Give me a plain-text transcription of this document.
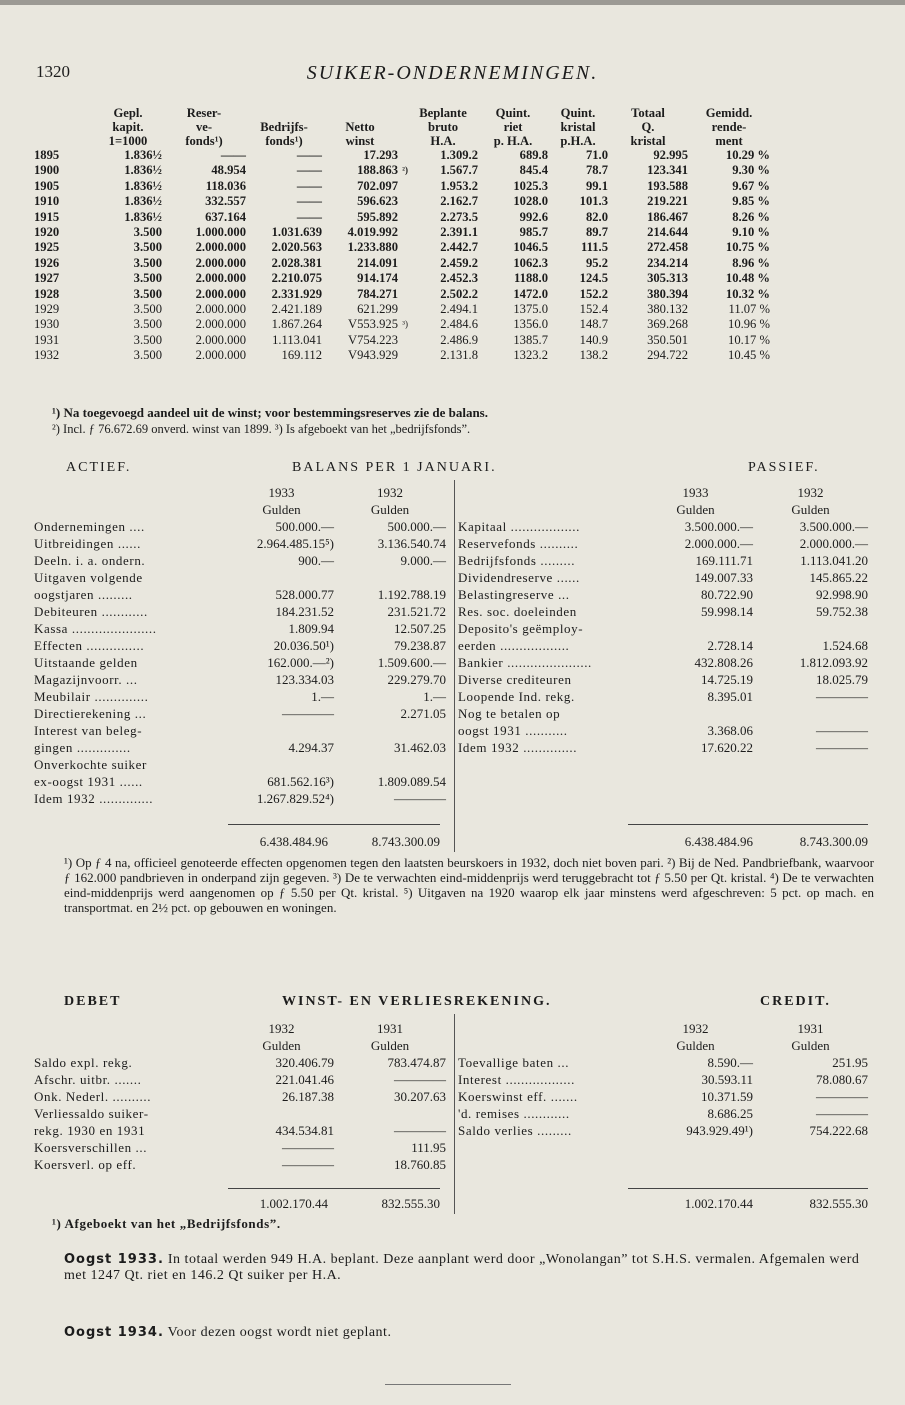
1320	SUIKER-ONDERNEMINGEN.
	Gepl.
kapit.
1=1000	Reser-
ve-
fonds¹)	Bedrijfs-
fonds¹)	Netto
winst		Beplante
bruto
H.A.	Quint.
riet
p. H.A.	Quint.
kristal
p.H.A.	Totaal
Q.
kristal	Gemidd.
rende-
ment
1895	1.836½	——	——	17.293		1.309.2	689.8	71.0	92.995	10.29 %
1900	1.836½	48.954	——	188.863	²)	1.567.7	845.4	78.7	123.341	9.30 %
1905	1.836½	118.036	——	702.097		1.953.2	1025.3	99.1	193.588	9.67 %
1910	1.836½	332.557	——	596.623		2.162.7	1028.0	101.3	219.221	9.85 %
1915	1.836½	637.164	——	595.892		2.273.5	992.6	82.0	186.467	8.26 %
1920	3.500	1.000.000	1.031.639	4.019.992		2.391.1	985.7	89.7	214.644	9.10 %
1925	3.500	2.000.000	2.020.563	1.233.880		2.442.7	1046.5	111.5	272.458	10.75 %
1926	3.500	2.000.000	2.028.381	214.091		2.459.2	1062.3	95.2	234.214	8.96 %
1927	3.500	2.000.000	2.210.075	914.174		2.452.3	1188.0	124.5	305.313	10.48 %
1928	3.500	2.000.000	2.331.929	784.271		2.502.2	1472.0	152.2	380.394	10.32 %
1929	3.500	2.000.000	2.421.189	621.299		2.494.1	1375.0	152.4	380.132	11.07 %
1930	3.500	2.000.000	1.867.264	V553.925	³)	2.484.6	1356.0	148.7	369.268	10.96 %
1931	3.500	2.000.000	1.113.041	V754.223		2.486.9	1385.7	140.9	350.501	10.17 %
1932	3.500	2.000.000	169.112	V943.929		2.131.8	1323.2	138.2	294.722	10.45 %
¹) Na toegevoegd aandeel uit de winst; voor bestemmingsreserves zie de balans.
²) Incl. ƒ 76.672.69 onverd. winst van 1899. ³) Is afgeboekt van het „bedrijfsfonds”.
ACTIEF.	BALANS PER 1 JANUARI.	PASSIEF.
	1933	1932
	Gulden	Gulden
Ondernemingen ....	500.000.—	500.000.—
Uitbreidingen ......	2.964.485.15⁵)	3.136.540.74
Deeln. i. a. ondern.	900.—	9.000.—
Uitgaven volgende		
oogstjaren .........	528.000.77	1.192.788.19
Debiteuren ............	184.231.52	231.521.72
Kassa ......................	1.809.94	12.507.25
Effecten ...............	20.036.50¹)	79.238.87
Uitstaande gelden	162.000.—²)	1.509.600.—
Magazijnvoorr. ...	123.334.03	229.279.70
Meubilair ..............	1.—	1.—
Directierekening ...	————	2.271.05
Interest van beleg-		
gingen ..............	4.294.37	31.462.03
Onverkochte suiker		
ex-oogst 1931 ......	681.562.16³)	1.809.089.54
Idem 1932 ..............	1.267.829.52⁴)	————
	1933	1932
	Gulden	Gulden
Kapitaal ..................	3.500.000.—	3.500.000.—
Reservefonds ..........	2.000.000.—	2.000.000.—
Bedrijfsfonds .........	169.111.71	1.113.041.20
Dividendreserve ......	149.007.33	145.865.22
Belastingreserve ...	80.722.90	92.998.90
Res. soc. doeleinden	59.998.14	59.752.38
Deposito's geëmploy-		
eerden ..................	2.728.14	1.524.68
Bankier ......................	432.808.26	1.812.093.92
Diverse crediteuren	14.725.19	18.025.79
Loopende Ind. rekg.	8.395.01	————
Nog te betalen op		
oogst 1931 ...........	3.368.06	————
Idem 1932 ..............	17.620.22	————
6.438.484.96	8.743.300.09	6.438.484.96	8.743.300.09
¹) Op ƒ 4 na, officieel genoteerde effecten opgenomen tegen den laatsten beurskoers in 1932, doch niet boven pari. ²) Bij de Ned. Pandbriefbank, waarvoor ƒ 162.000 pandbrieven in onderpand zijn gegeven. ³) De te verwachten eind-middenprijs werd teruggebracht tot ƒ 5.50 per Qt. kristal. ⁴) De te verwachten eind-middenprijs werd aangenomen op ƒ 5.50 per Qt. kristal. ⁵) Uitgaven na 1920 waarop elk jaar minstens werd afgeschreven: 5 pct. op mach. en transportmat. en 2½ pct. op gebouwen en woningen.
DEBET	WINST- EN VERLIESREKENING.	CREDIT.
	1932	1931
	Gulden	Gulden
Saldo expl. rekg.	320.406.79	783.474.87
Afschr. uitbr. .......	221.041.46	————
Onk. Nederl. ..........	26.187.38	30.207.63
Verliessaldo suiker-		
rekg. 1930 en 1931	434.534.81	————
Koersverschillen ...	————	111.95
Koersverl. op eff.	————	18.760.85
	1932	1931
	Gulden	Gulden
Toevallige baten ...	8.590.—	251.95
Interest ..................	30.593.11	78.080.67
Koerswinst eff. .......	10.371.59	————
'd. remises ............	8.686.25	————
Saldo verlies .........	943.929.49¹)	754.222.68
1.002.170.44	832.555.30	1.002.170.44	832.555.30
¹) Afgeboekt van het „Bedrijfsfonds”.
Oogst 1933. In totaal werden 949 H.A. beplant. Deze aanplant werd door „Wonolangan” tot S.H.S. vermalen. Afgemalen werd met 1247 Qt. riet en 146.2 Qt suiker per H.A.
Oogst 1934. Voor dezen oogst wordt niet geplant.
